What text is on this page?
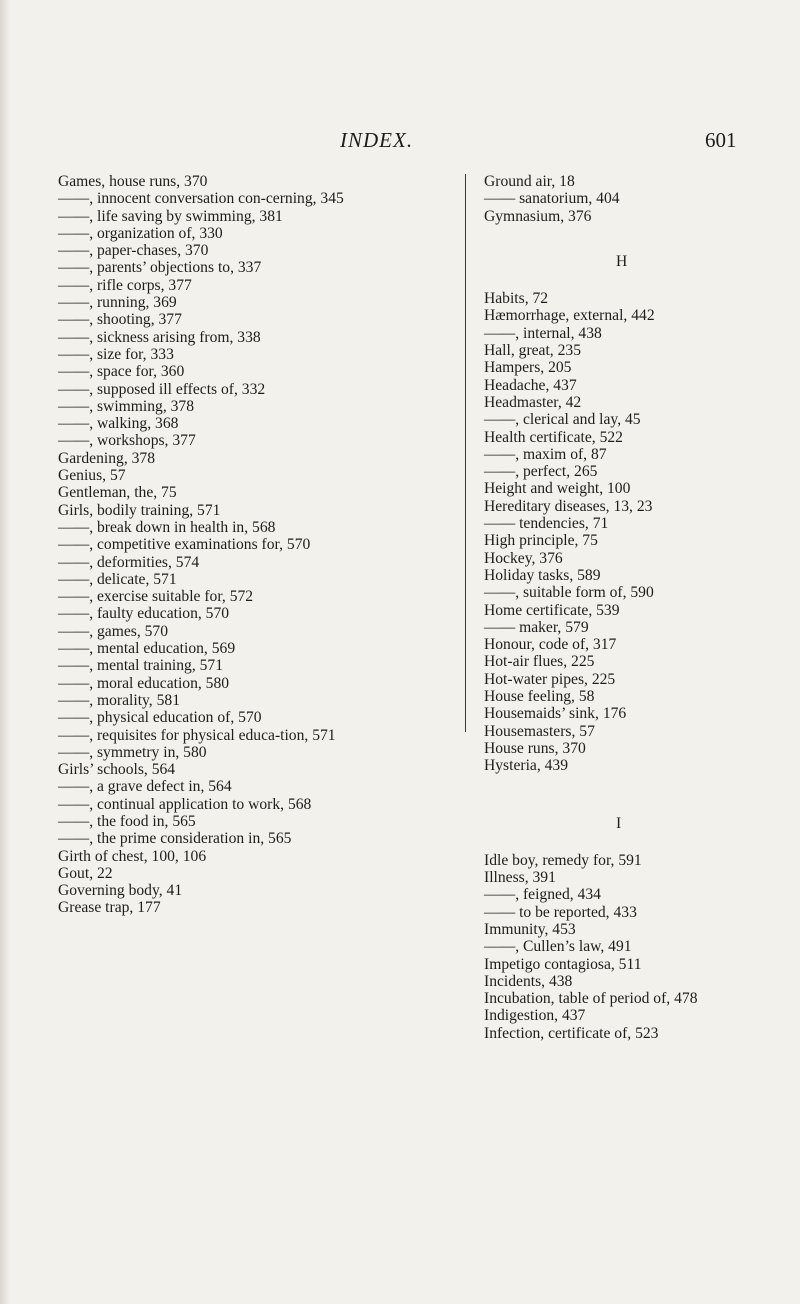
INDEX.	601

Games, house runs, 370

——, innocent conversation con-cerning, 345

——, life saving by swimming, 381

——, organization of, 330

——, paper-chases, 370

——, parents’ objections to, 337

——, rifle corps, 377

——, running, 369

——, shooting, 377

——, sickness arising from, 338

——, size for, 333

——, space for, 360

——, supposed ill effects of, 332

——, swimming, 378

——, walking, 368

——, workshops, 377

Gardening, 378

Genius, 57

Gentleman, the, 75

Girls, bodily training, 571

——, break down in health in, 568

——, competitive examinations for, 570

——, deformities, 574

——, delicate, 571

——, exercise suitable for, 572

——, faulty education, 570

——, games, 570

——, mental education, 569

——, mental training, 571

——, moral education, 580

——, morality, 581

——, physical education of, 570

——, requisites for physical educa-tion, 571

——, symmetry in, 580

Girls’ schools, 564

——, a grave defect in, 564

——, continual application to work, 568

——, the food in, 565

——, the prime consideration in, 565

Girth of chest, 100, 106

Gout, 22

Governing body, 41

Grease trap, 177

Ground air, 18

—— sanatorium, 404

Gymnasium, 376

H

Habits, 72

Hæmorrhage, external, 442

——, internal, 438

Hall, great, 235

Hampers, 205

Headache, 437

Headmaster, 42

——, clerical and lay, 45

Health certificate, 522

——, maxim of, 87

——, perfect, 265

Height and weight, 100

Hereditary diseases, 13, 23

—— tendencies, 71

High principle, 75

Hockey, 376

Holiday tasks, 589

——, suitable form of, 590

Home certificate, 539

—— maker, 579

Honour, code of, 317

Hot-air flues, 225

Hot-water pipes, 225

House feeling, 58

Housemaids’ sink, 176

Housemasters, 57

House runs, 370

Hysteria, 439

I

Idle boy, remedy for, 591

Illness, 391

——, feigned, 434

—— to be reported, 433

Immunity, 453

——, Cullen’s law, 491

Impetigo contagiosa, 511

Incidents, 438

Incubation, table of period of, 478

Indigestion, 437

Infection, certificate of, 523
